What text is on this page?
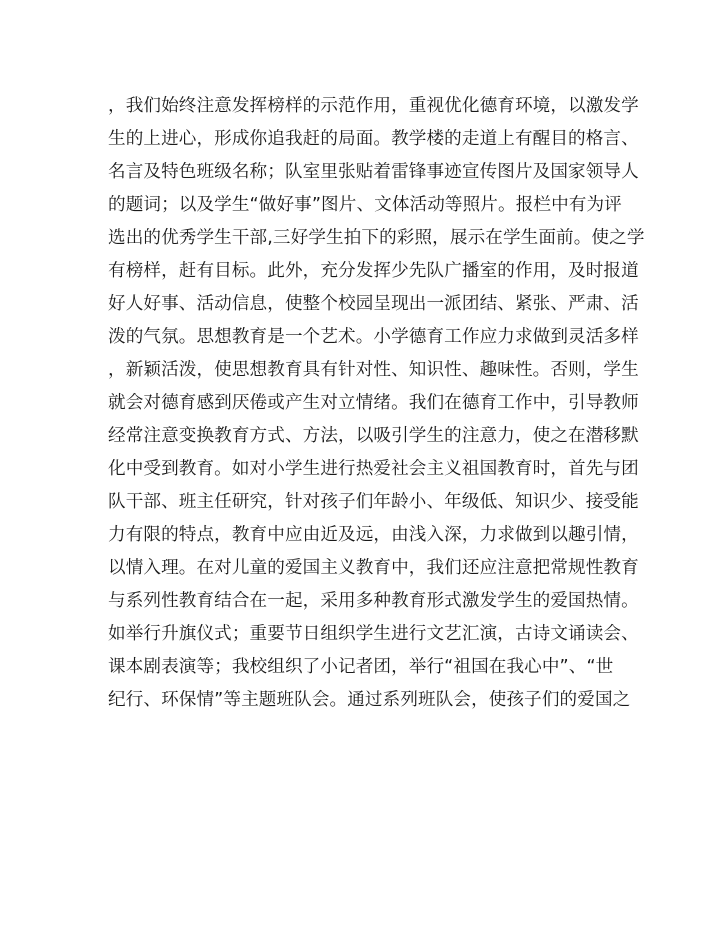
，我们始终注意发挥榜样的示范作用，重视优化德育环境，以激发学

生的上进心，形成你追我赶的局面。教学楼的走道上有醒目的格言、

名言及特色班级名称；队室里张贴着雷锋事迹宣传图片及国家领导人

的题词；以及学生“做好事”图片、文体活动等照片。报栏中有为评

选出的优秀学生干部,三好学生拍下的彩照，展示在学生面前。使之学

有榜样，赶有目标。此外，充分发挥少先队广播室的作用，及时报道

好人好事、活动信息，使整个校园呈现出一派团结、紧张、严肃、活

泼的气氛。思想教育是一个艺术。小学德育工作应力求做到灵活多样

，新颖活泼，使思想教育具有针对性、知识性、趣味性。否则，学生

就会对德育感到厌倦或产生对立情绪。我们在德育工作中，引导教师

经常注意变换教育方式、方法，以吸引学生的注意力，使之在潜移默

化中受到教育。如对小学生进行热爱社会主义祖国教育时，首先与团

队干部、班主任研究，针对孩子们年龄小、年级低、知识少、接受能

力有限的特点，教育中应由近及远，由浅入深，力求做到以趣引情，

以情入理。在对儿童的爱国主义教育中，我们还应注意把常规性教育

与系列性教育结合在一起，采用多种教育形式激发学生的爱国热情。

如举行升旗仪式；重要节日组织学生进行文艺汇演，古诗文诵读会、

课本剧表演等；我校组织了小记者团，举行“祖国在我心中”、“世

纪行、环保情”等主题班队会。通过系列班队会，使孩子们的爱国之
